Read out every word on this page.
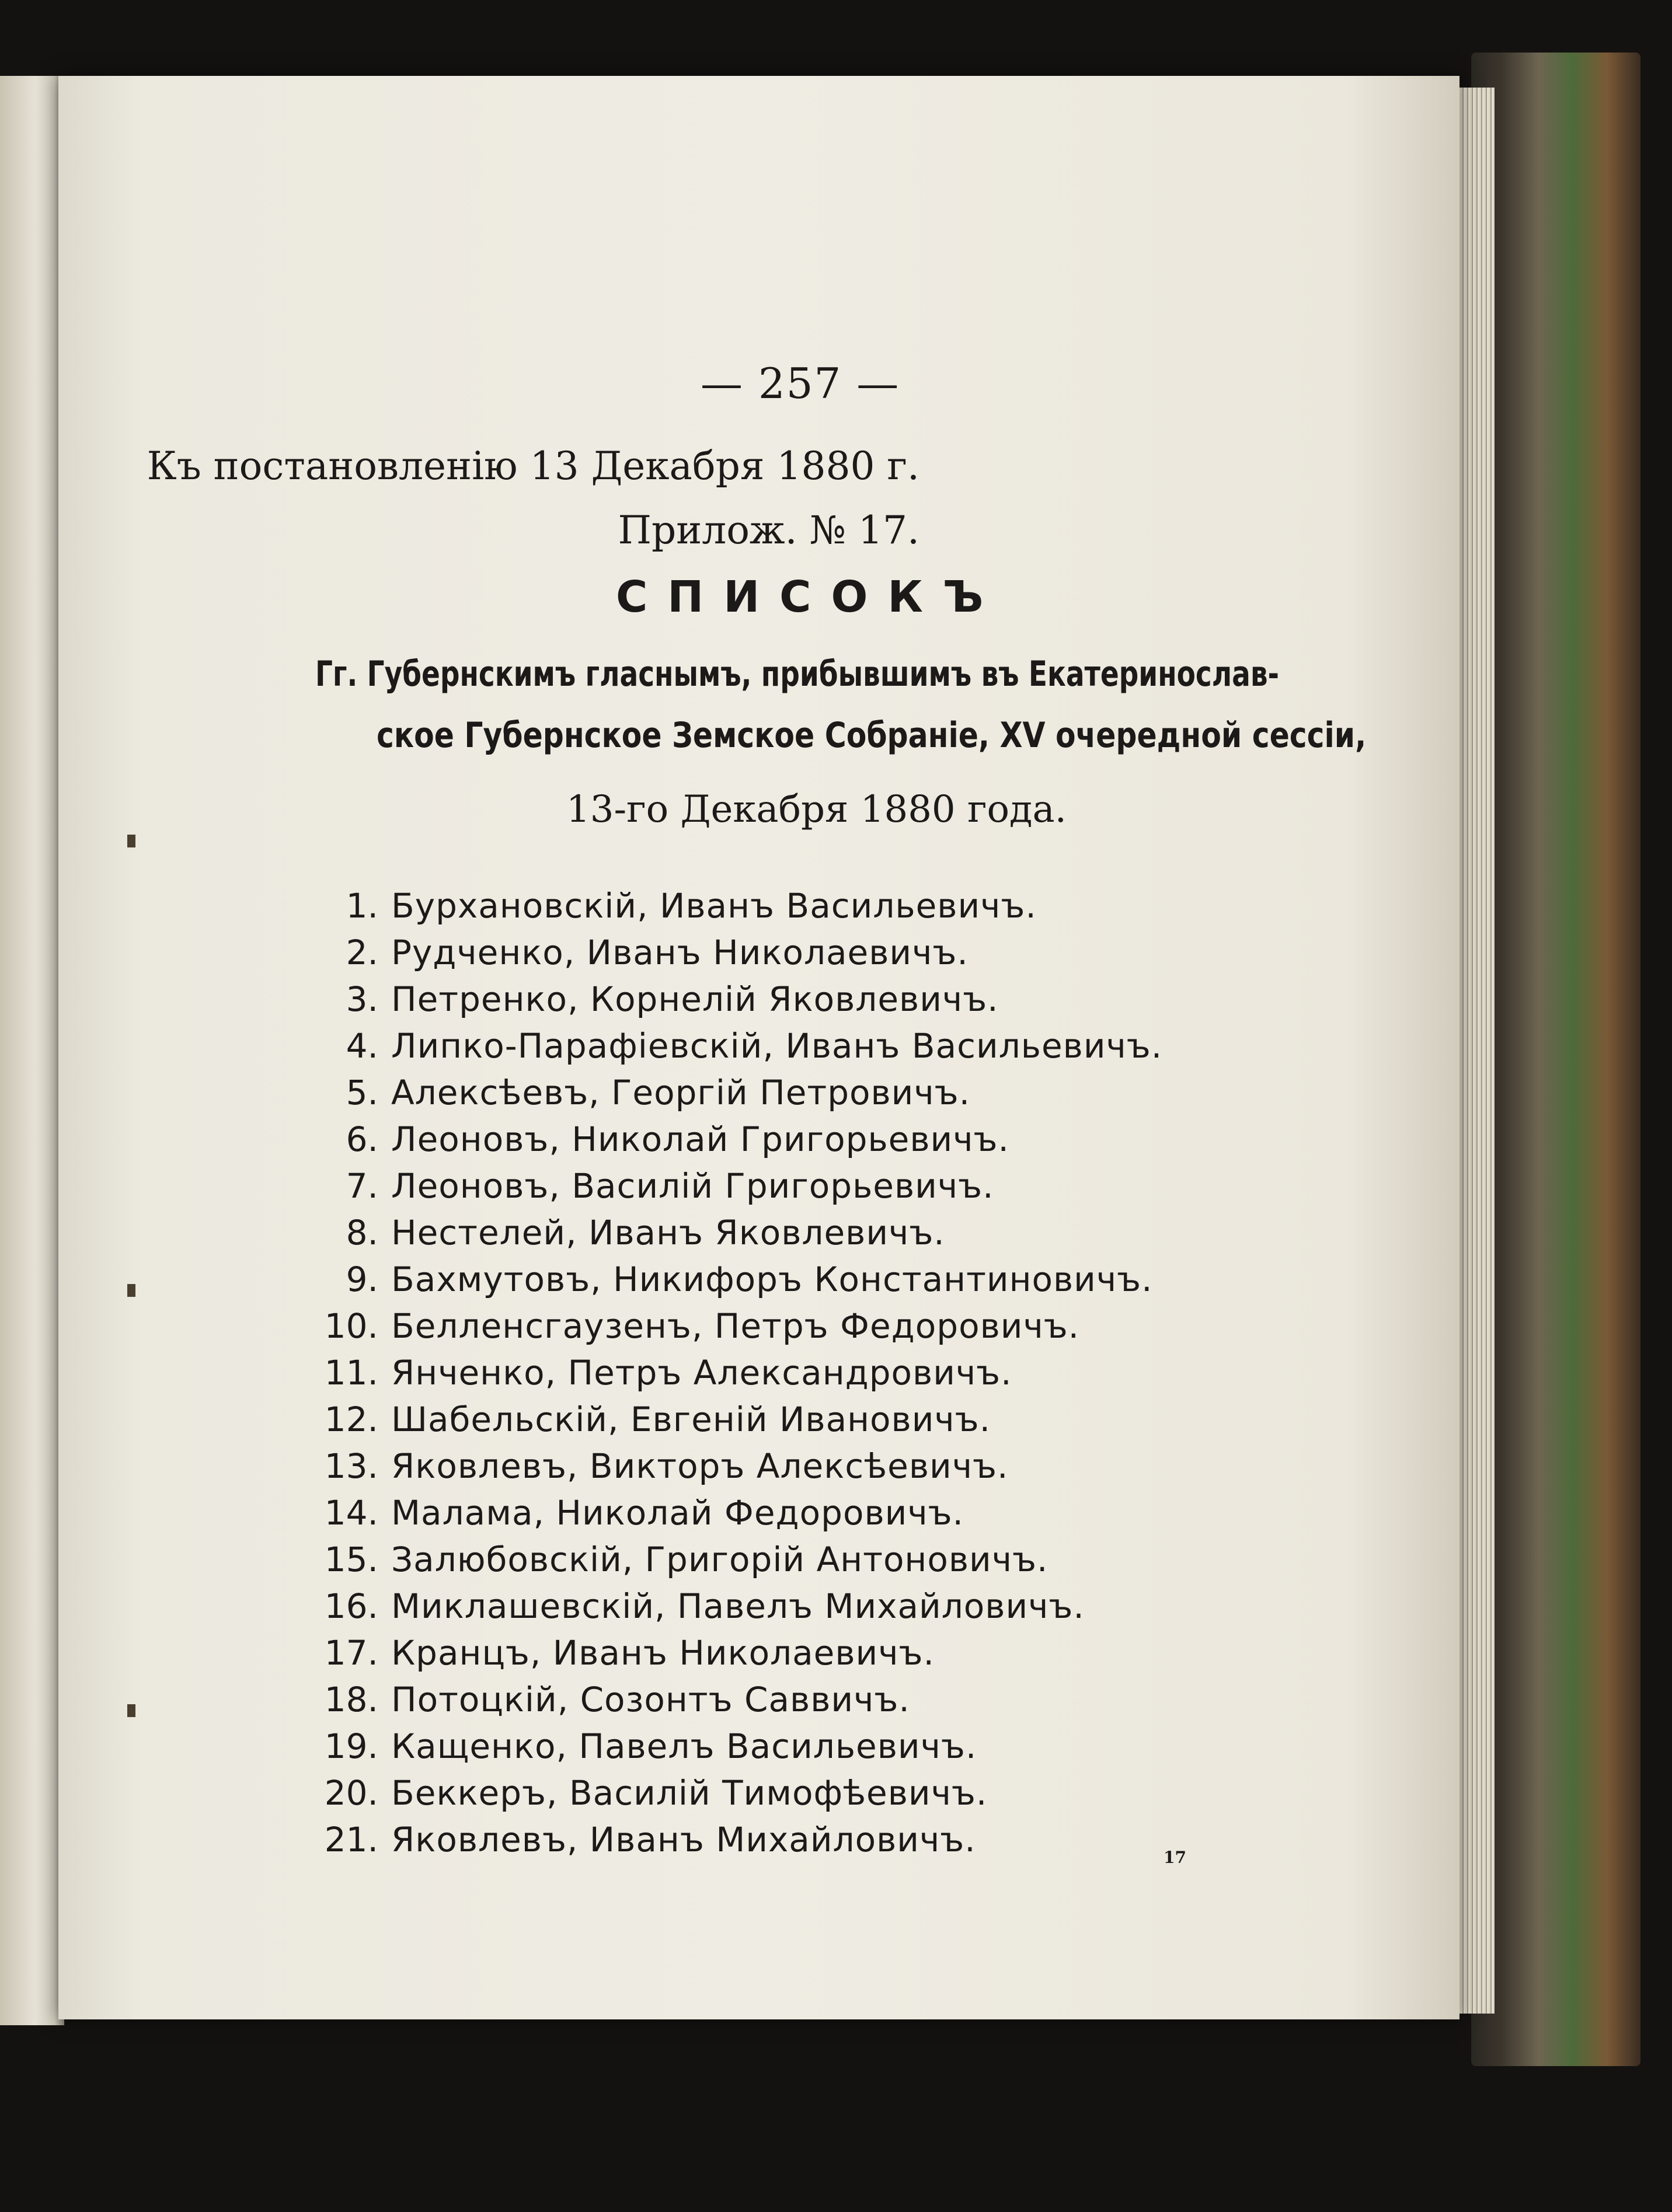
— 257 —
Къ постановленію 13 Декабря 1880 г.
Прилож. № 17.
СПИСОКЪ
Гг. Губернскимъ гласнымъ, прибывшимъ въ Екатеринослав-
ское Губернское Земское Собраніе, XV очередной сессіи,
13-го Декабря 1880 года.
1. Бурхановскій, Иванъ Васильевичъ.
2. Рудченко, Иванъ Николаевичъ.
3. Петренко, Корнелій Яковлевичъ.
4. Липко-Парафіевскій, Иванъ Васильевичъ.
5. Алексѣевъ, Георгій Петровичъ.
6. Леоновъ, Николай Григорьевичъ.
7. Леоновъ, Василій Григорьевичъ.
8. Нестелей, Иванъ Яковлевичъ.
9. Бахмутовъ, Никифоръ Константиновичъ.
10. Белленсгаузенъ, Петръ Федоровичъ.
11. Янченко, Петръ Александровичъ.
12. Шабельскій, Евгеній Ивановичъ.
13. Яковлевъ, Викторъ Алексѣевичъ.
14. Малама, Николай Федоровичъ.
15. Залюбовскій, Григорій Антоновичъ.
16. Миклашевскій, Павелъ Михайловичъ.
17. Кранцъ, Иванъ Николаевичъ.
18. Потоцкій, Созонтъ Саввичъ.
19. Кащенко, Павелъ Васильевичъ.
20. Беккеръ, Василій Тимофѣевичъ.
21. Яковлевъ, Иванъ Михайловичъ.	17
